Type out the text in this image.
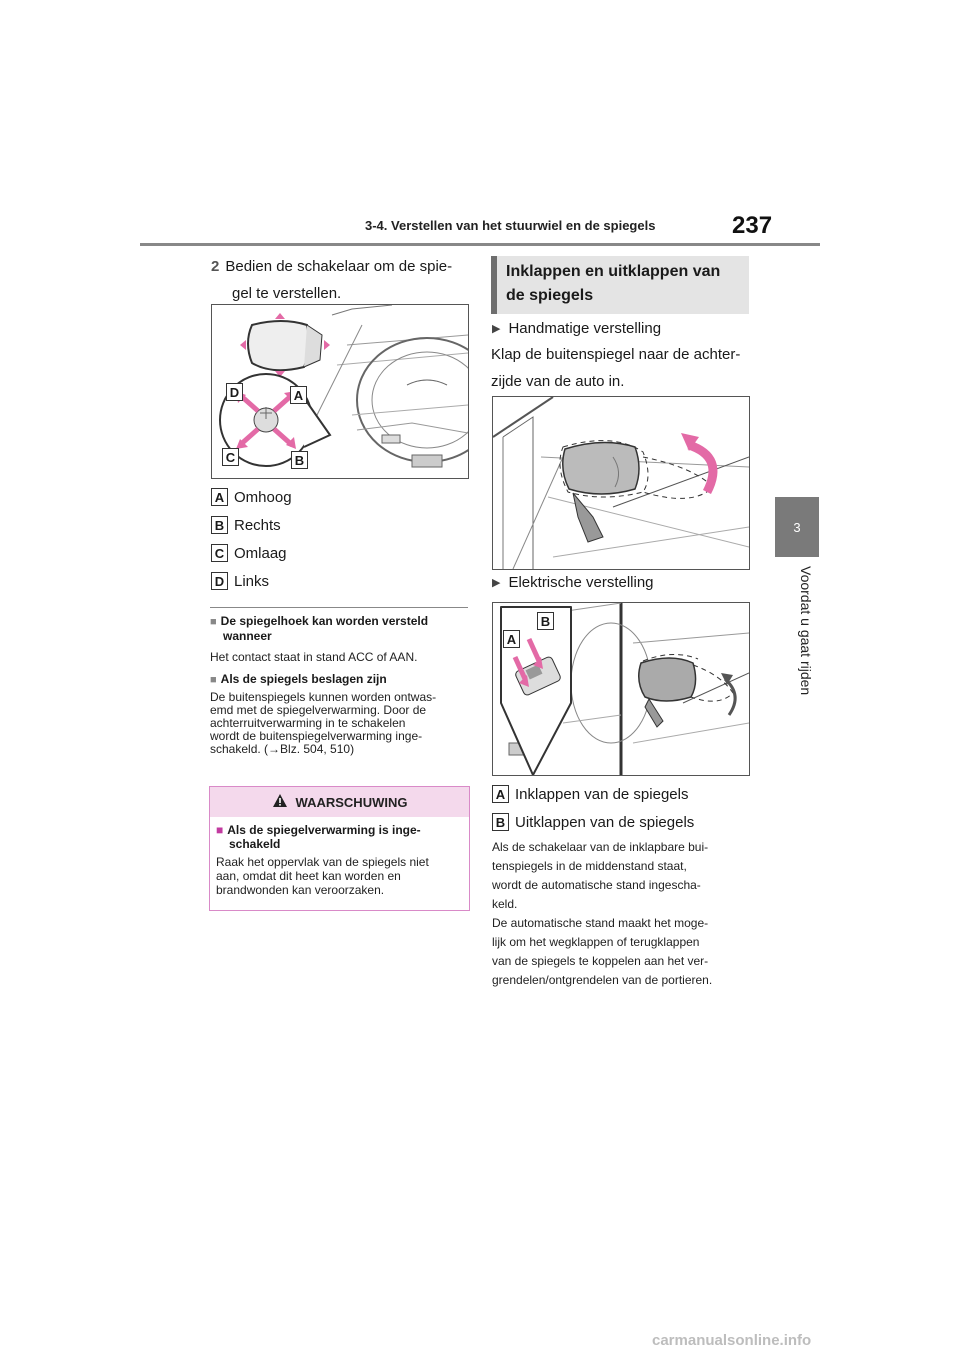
3-4. Verstellen van het stuurwiel en de spiegels	237
3
Voordat u gaat rijden
2 Bedien de schakelaar om de spie-
gel te verstellen.
D	A
C	B
A Omhoog
B Rechts
C Omlaag
D Links
■ De spiegelhoek kan worden versteld
wanneer
Het contact staat in stand ACC of AAN.
■ Als de spiegels beslagen zijn
De buitenspiegels kunnen worden ontwas-
emd met de spiegelverwarming. Door de
achterruitverwarming in te schakelen
wordt de buitenspiegelverwarming inge-
schakeld. (→Blz. 504, 510)
WAARSCHUWING
■ Als de spiegelverwarming is inge-
schakeld
Raak het oppervlak van de spiegels niet
aan, omdat dit heet kan worden en
brandwonden kan veroorzaken.
Inklappen en uitklappen van
de spiegels
▶ Handmatige verstelling
Klap de buitenspiegel naar de achter-
zijde van de auto in.
▶ Elektrische verstelling
B
A
A Inklappen van de spiegels
B Uitklappen van de spiegels
Als de schakelaar van de inklapbare bui-
tenspiegels in de middenstand staat,
wordt de automatische stand ingescha-
keld.
De automatische stand maakt het moge-
lijk om het wegklappen of terugklappen
van de spiegels te koppelen aan het ver-
grendelen/ontgrendelen van de portieren.
carmanualsonline.info
